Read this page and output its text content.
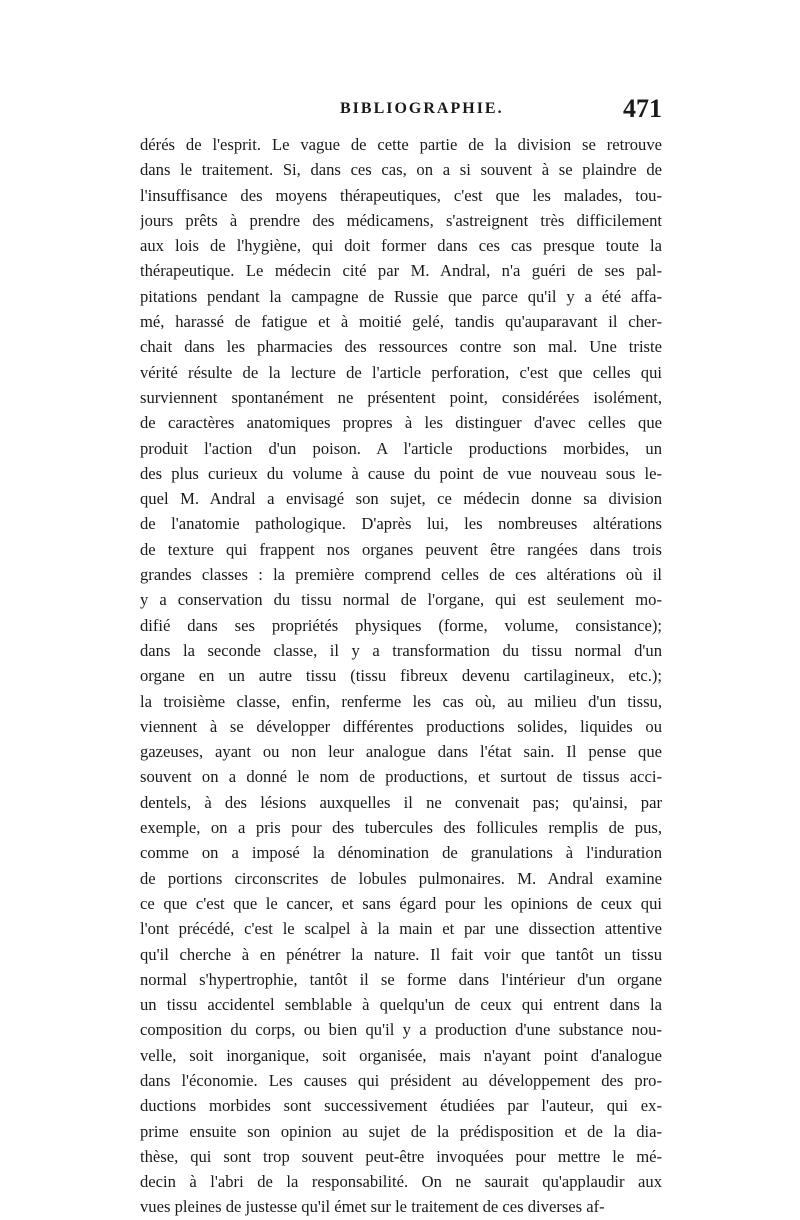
BIBLIOGRAPHIE.	471
dérés de l'esprit. Le vague de cette partie de la division se retrouve
dans le traitement. Si, dans ces cas, on a si souvent à se plaindre de
l'insuffisance des moyens thérapeutiques, c'est que les malades, tou-
jours prêts à prendre des médicamens, s'astreignent très difficilement
aux lois de l'hygiène, qui doit former dans ces cas presque toute la
thérapeutique. Le médecin cité par M. Andral, n'a guéri de ses pal-
pitations pendant la campagne de Russie que parce qu'il y a été affa-
mé, harassé de fatigue et à moitié gelé, tandis qu'auparavant il cher-
chait dans les pharmacies des ressources contre son mal. Une triste
vérité résulte de la lecture de l'article perforation, c'est que celles qui
surviennent spontanément ne présentent point, considérées isolément,
de caractères anatomiques propres à les distinguer d'avec celles que
produit l'action d'un poison. A l'article productions morbides, un
des plus curieux du volume à cause du point de vue nouveau sous le-
quel M. Andral a envisagé son sujet, ce médecin donne sa division
de l'anatomie pathologique. D'après lui, les nombreuses altérations
de texture qui frappent nos organes peuvent être rangées dans trois
grandes classes : la première comprend celles de ces altérations où il
y a conservation du tissu normal de l'organe, qui est seulement mo-
difié dans ses propriétés physiques (forme, volume, consistance);
dans la seconde classe, il y a transformation du tissu normal d'un
organe en un autre tissu (tissu fibreux devenu cartilagineux, etc.);
la troisième classe, enfin, renferme les cas où, au milieu d'un tissu,
viennent à se développer différentes productions solides, liquides ou
gazeuses, ayant ou non leur analogue dans l'état sain. Il pense que
souvent on a donné le nom de productions, et surtout de tissus acci-
dentels, à des lésions auxquelles il ne convenait pas; qu'ainsi, par
exemple, on a pris pour des tubercules des follicules remplis de pus,
comme on a imposé la dénomination de granulations à l'induration
de portions circonscrites de lobules pulmonaires. M. Andral examine
ce que c'est que le cancer, et sans égard pour les opinions de ceux qui
l'ont précédé, c'est le scalpel à la main et par une dissection attentive
qu'il cherche à en pénétrer la nature. Il fait voir que tantôt un tissu
normal s'hypertrophie, tantôt il se forme dans l'intérieur d'un organe
un tissu accidentel semblable à quelqu'un de ceux qui entrent dans la
composition du corps, ou bien qu'il y a production d'une substance nou-
velle, soit inorganique, soit organisée, mais n'ayant point d'analogue
dans l'économie. Les causes qui président au développement des pro-
ductions morbides sont successivement étudiées par l'auteur, qui ex-
prime ensuite son opinion au sujet de la prédisposition et de la dia-
thèse, qui sont trop souvent peut-être invoquées pour mettre le mé-
decin à l'abri de la responsabilité. On ne saurait qu'applaudir aux
vues pleines de justesse qu'il émet sur le traitement de ces diverses af-
